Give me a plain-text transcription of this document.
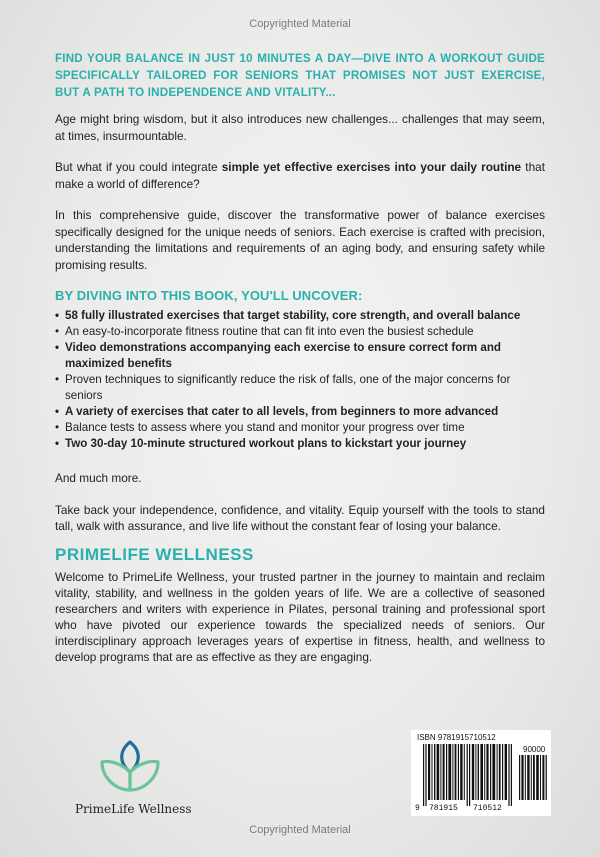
Copyrighted Material

FIND YOUR BALANCE IN JUST 10 MINUTES A DAY—DIVE INTO A WORKOUT GUIDE SPECIFICALLY TAILORED FOR SENIORS THAT PROMISES NOT JUST EXERCISE, BUT A PATH TO INDEPENDENCE AND VITALITY...

Age might bring wisdom, but it also introduces new challenges... challenges that may seem, at times, insurmountable.

But what if you could integrate simple yet effective exercises into your daily routine that make a world of difference?

In this comprehensive guide, discover the transformative power of balance exercises specifically designed for the unique needs of seniors. Each exercise is crafted with precision, understanding the limitations and requirements of an aging body, and ensuring safety while promising results.

BY DIVING INTO THIS BOOK, YOU'LL UNCOVER:
• 58 fully illustrated exercises that target stability, core strength, and overall balance
• An easy-to-incorporate fitness routine that can fit into even the busiest schedule
• Video demonstrations accompanying each exercise to ensure correct form and maximized benefits
• Proven techniques to significantly reduce the risk of falls, one of the major concerns for seniors
• A variety of exercises that cater to all levels, from beginners to more advanced
• Balance tests to assess where you stand and monitor your progress over time
• Two 30-day 10-minute structured workout plans to kickstart your journey

And much more.

Take back your independence, confidence, and vitality. Equip yourself with the tools to stand tall, walk with assurance, and live life without the constant fear of losing your balance.

PRIMELIFE WELLNESS

Welcome to PrimeLife Wellness, your trusted partner in the journey to maintain and reclaim vitality, stability, and wellness in the golden years of life. We are a collective of seasoned researchers and writers with experience in Pilates, personal training and professional sport who have pivoted our experience towards the specialized needs of seniors. Our interdisciplinary approach leverages years of expertise in fitness, health, and wellness to develop programs that are as effective as they are engaging.

PrimeLife Wellness
ISBN 9781915710512
90000
9 781915 710512
Copyrighted Material
